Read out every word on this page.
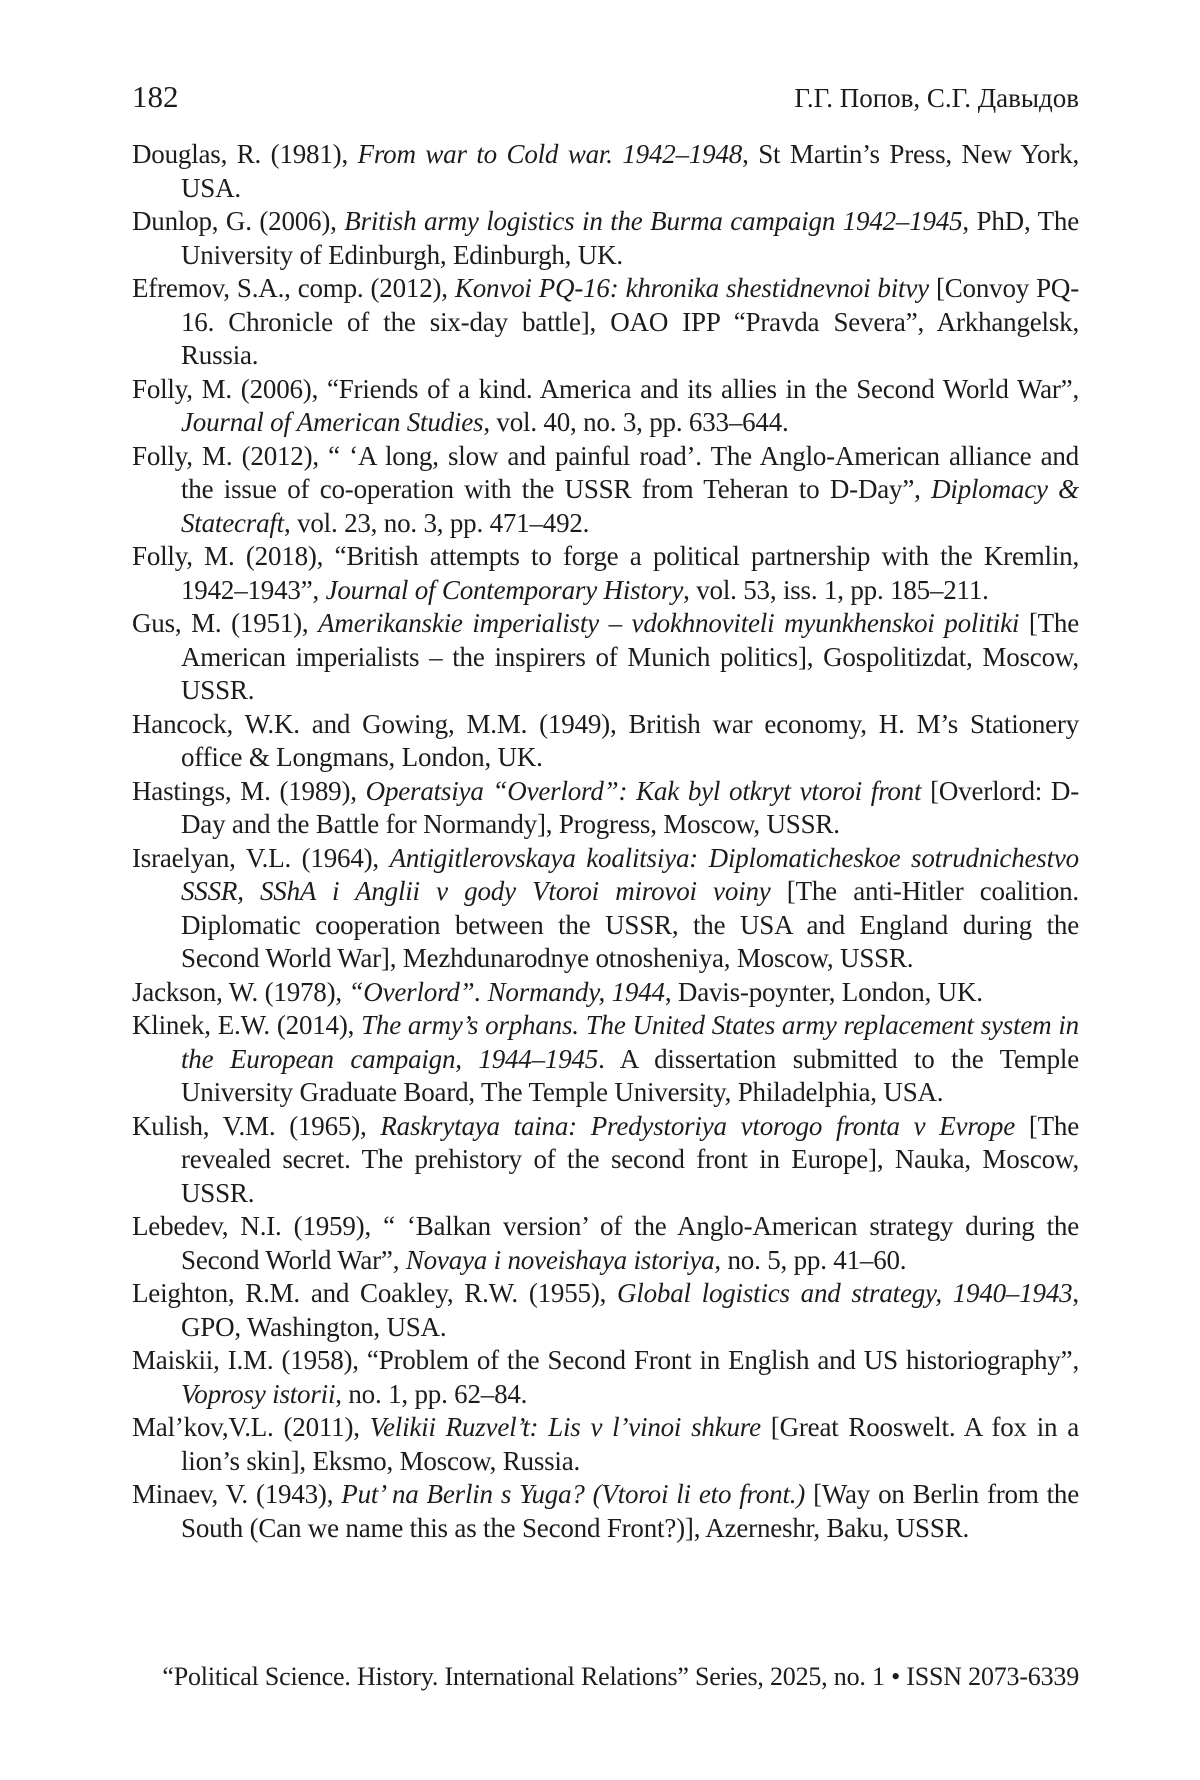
182	Г.Г. Попов, С.Г. Давыдов

Douglas, R. (1981), From war to Cold war. 1942–1948, St Martin’s Press, New York, USA.

Dunlop, G. (2006), British army logistics in the Burma campaign 1942–1945, PhD, The University of Edinburgh, Edinburgh, UK.

Efremov, S.A., comp. (2012), Konvoi PQ-16: khronika shestidnevnoi bitvy [Convoy PQ-16. Chronicle of the six-day battle], OAO IPP “Pravda Severa”, Arkhangelsk, Russia.

Folly, M. (2006), “Friends of a kind. America and its allies in the Second World War”, Journal of American Studies, vol. 40, no. 3, pp. 633–644.

Folly, M. (2012), “ ‘A long, slow and painful road’. The Anglo-American alliance and the issue of co-operation with the USSR from Teheran to D-Day”, Diplomacy & Statecraft, vol. 23, no. 3, pp. 471–492.

Folly, M. (2018), “British attempts to forge a political partnership with the Kremlin, 1942–1943”, Journal of Contemporary History, vol. 53, iss. 1, pp. 185–211.

Gus, M. (1951), Amerikanskie imperialisty – vdokhnoviteli myunkhenskoi politiki [The American imperialists – the inspirers of Munich politics], Gospolitizdat, Moscow, USSR.

Hancock, W.K. and Gowing, M.M. (1949), British war economy, H. M’s Stationery office & Longmans, London, UK.

Hastings, M. (1989), Operatsiya “Overlord”: Kak byl otkryt vtoroi front [Overlord: D-Day and the Battle for Normandy], Progress, Moscow, USSR.

Israelyan, V.L. (1964), Antigitlerovskaya koalitsiya: Diplomaticheskoe sotrudnichestvo SSSR, SShA i Anglii v gody Vtoroi mirovoi voiny [The anti-Hitler coalition. Diplomatic cooperation between the USSR, the USA and England during the Second World War], Mezhdunarodnye otnosheniya, Moscow, USSR.

Jackson, W. (1978), “Overlord”. Normandy, 1944, Davis-poynter, London, UK.

Klinek, E.W. (2014), The army’s orphans. The United States army replacement system in the European campaign, 1944–1945. A dissertation submitted to the Temple University Graduate Board, The Temple University, Philadelphia, USA.

Kulish, V.M. (1965), Raskrytaya taina: Predystoriya vtorogo fronta v Evrope [The revealed secret. The prehistory of the second front in Europe], Nauka, Moscow, USSR.

Lebedev, N.I. (1959), “ ‘Balkan version’ of the Anglo-American strategy during the Second World War”, Novaya i noveishaya istoriya, no. 5, pp. 41–60.

Leighton, R.M. and Coakley, R.W. (1955), Global logistics and strategy, 1940–1943, GPO, Washington, USA.

Maiskii, I.M. (1958), “Problem of the Second Front in English and US historiography”, Voprosy istorii, no. 1, pp. 62–84.

Mal’kov,V.L. (2011), Velikii Ruzvel’t: Lis v l’vinoi shkure [Great Rooswelt. A fox in a lion’s skin], Eksmo, Moscow, Russia.

Minaev, V. (1943), Put’ na Berlin s Yuga? (Vtoroi li eto front.) [Way on Berlin from the South (Can we name this as the Second Front?)], Azerneshr, Baku, USSR.

“Political Science. History. International Relations” Series, 2025, no. 1 • ISSN 2073-6339
